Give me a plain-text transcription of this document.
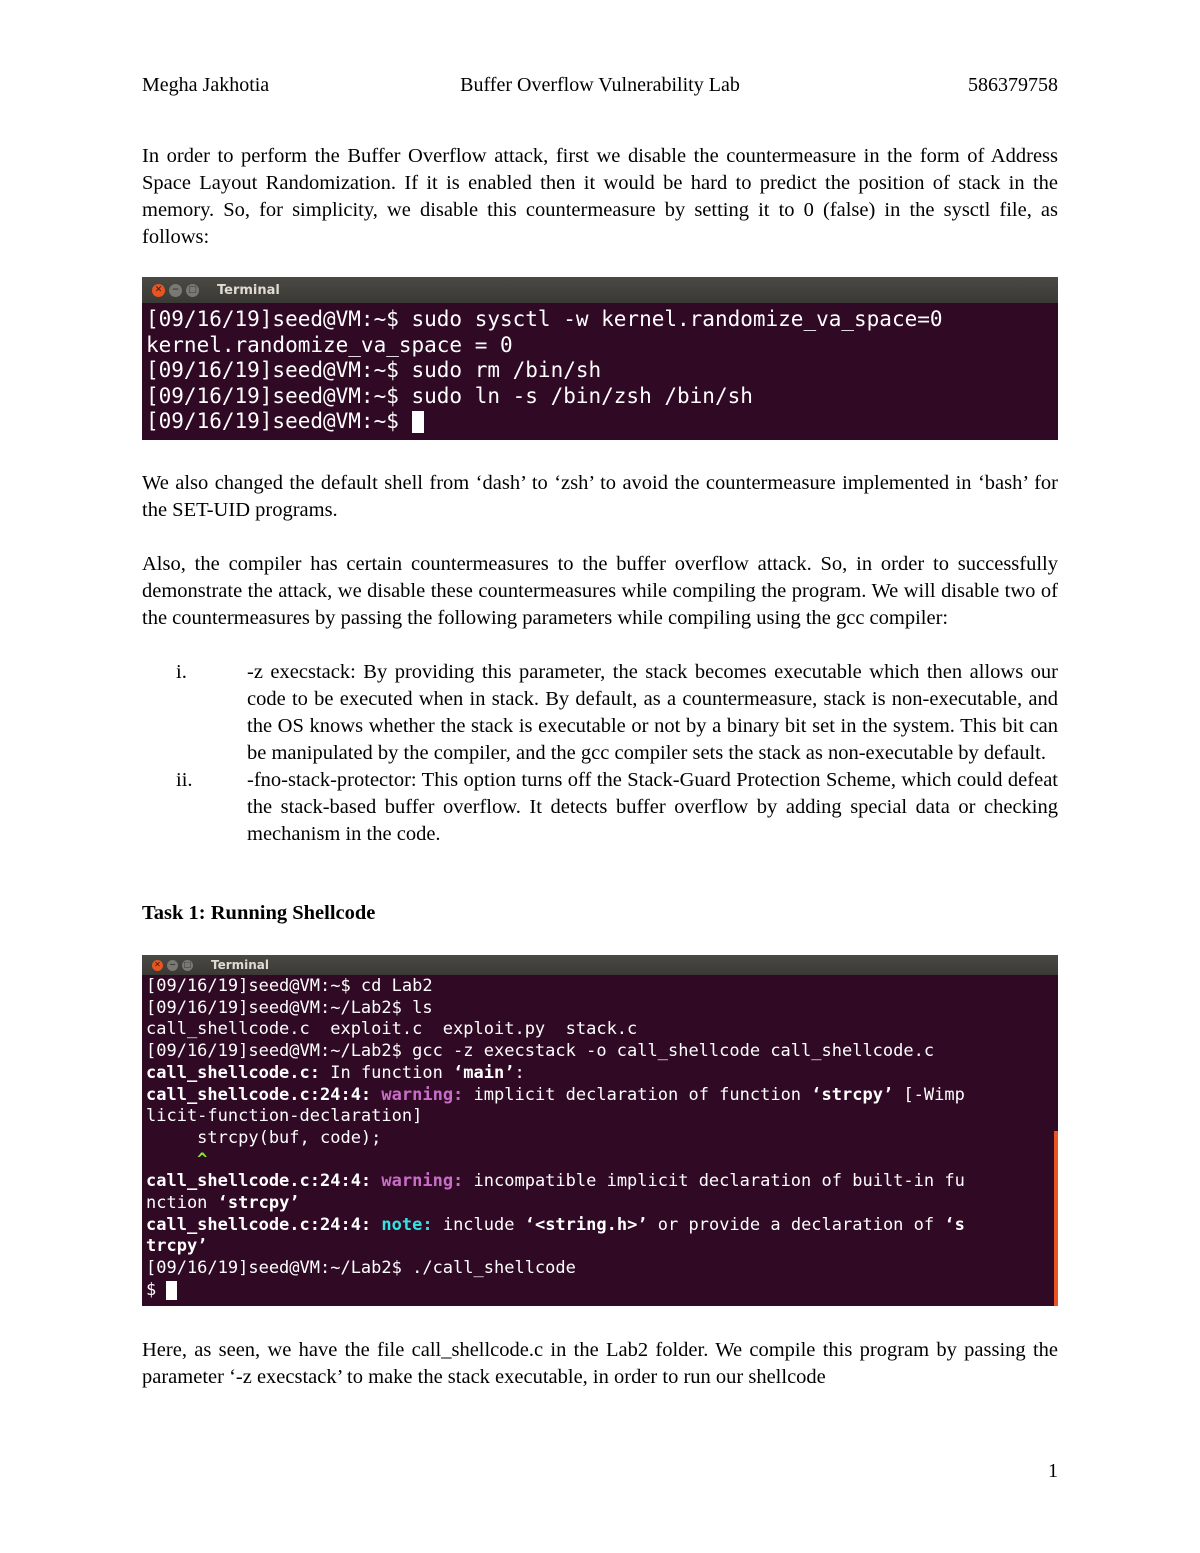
Megha Jakhotia	Buffer Overflow Vulnerability Lab	586379758

In order to perform the Buffer Overflow attack, first we disable the countermeasure in the form of Address Space Layout Randomization. If it is enabled then it would be hard to predict the position of stack in the memory. So, for simplicity, we disable this countermeasure by setting it to 0 (false) in the sysctl file, as follows:

✕	− □ Terminal
[09/16/19]seed@VM:~$ sudo sysctl -w kernel.randomize_va_space=0
kernel.randomize_va_space = 0
[09/16/19]seed@VM:~$ sudo rm /bin/sh
[09/16/19]seed@VM:~$ sudo ln -s /bin/zsh /bin/sh
[09/16/19]seed@VM:~$

We also changed the default shell from ‘dash’ to ‘zsh’ to avoid the countermeasure implemented in ‘bash’ for the SET-UID programs.

Also, the compiler has certain countermeasures to the buffer overflow attack. So, in order to successfully demonstrate the attack, we disable these countermeasures while compiling the program. We will disable two of the countermeasures by passing the following parameters while compiling using the gcc compiler:

i.	-z execstack: By providing this parameter, the stack becomes executable which then allows our code to be executed when in stack. By default, as a countermeasure, stack is non-executable, and the OS knows whether the stack is executable or not by a binary bit set in the system. This bit can be manipulated by the compiler, and the gcc compiler sets the stack as non-executable by default.
ii.	-fno-stack-protector: This option turns off the Stack-Guard Protection Scheme, which could defeat the stack-based buffer overflow. It detects buffer overflow by adding special data or checking mechanism in the code.

Task 1: Running Shellcode

✕ − □ Terminal
[09/16/19]seed@VM:~$ cd Lab2
[09/16/19]seed@VM:~/Lab2$ ls
call_shellcode.c  exploit.c  exploit.py  stack.c
[09/16/19]seed@VM:~/Lab2$ gcc -z execstack -o call_shellcode call_shellcode.c
call_shellcode.c: In function ‘main’:
call_shellcode.c:24:4: warning: implicit declaration of function ‘strcpy’ [-Wimp
licit-function-declaration]
strcpy(buf, code);
^
call_shellcode.c:24:4: warning: incompatible implicit declaration of built-in fu
nction ‘strcpy’
call_shellcode.c:24:4: note: include ‘<string.h>’ or provide a declaration of ‘s
trcpy’
[09/16/19]seed@VM:~/Lab2$ ./call_shellcode
$

Here, as seen, we have the file call_shellcode.c in the Lab2 folder. We compile this program by passing the parameter ‘-z execstack’ to make the stack executable, in order to run our shellcode

1
